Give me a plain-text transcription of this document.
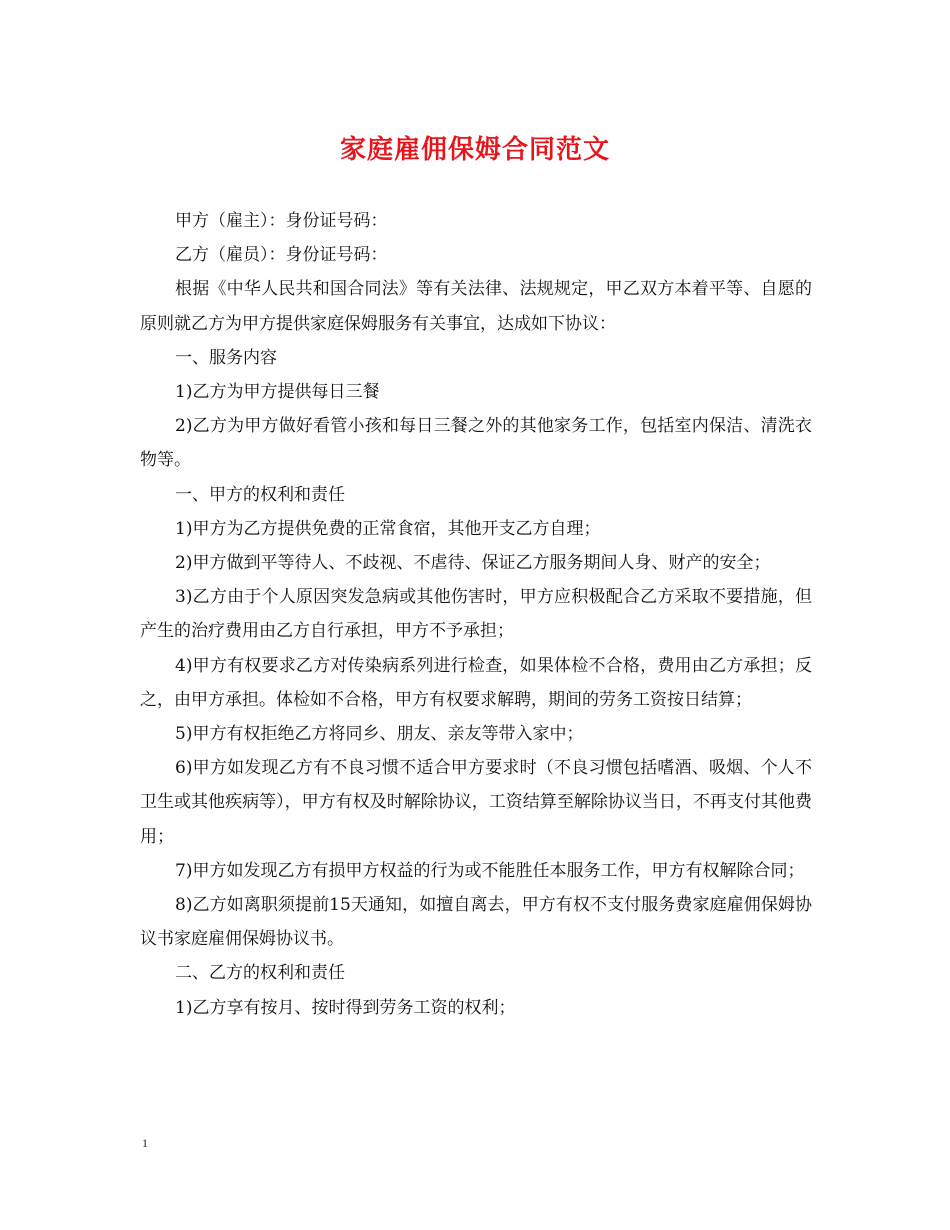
家庭雇佣保姆合同范文

甲方（雇主）：身份证号码：

乙方（雇员）：身份证号码：

根据《中华人民共和国合同法》等有关法律、法规规定，甲乙双方本着平等、自愿的原则就乙方为甲方提供家庭保姆服务有关事宜，达成如下协议：

一、服务内容

1)乙方为甲方提供每日三餐

2)乙方为甲方做好看管小孩和每日三餐之外的其他家务工作，包括室内保洁、清洗衣物等。

一、甲方的权利和责任

1)甲方为乙方提供免费的正常食宿，其他开支乙方自理；

2)甲方做到平等待人、不歧视、不虐待、保证乙方服务期间人身、财产的安全；

3)乙方由于个人原因突发急病或其他伤害时，甲方应积极配合乙方采取不要措施，但产生的治疗费用由乙方自行承担，甲方不予承担；

4)甲方有权要求乙方对传染病系列进行检查，如果体检不合格，费用由乙方承担；反之，由甲方承担。体检如不合格，甲方有权要求解聘，期间的劳务工资按日结算；

5)甲方有权拒绝乙方将同乡、朋友、亲友等带入家中；

6)甲方如发现乙方有不良习惯不适合甲方要求时（不良习惯包括嗜酒、吸烟、个人不卫生或其他疾病等），甲方有权及时解除协议，工资结算至解除协议当日，不再支付其他费用；

7)甲方如发现乙方有损甲方权益的行为或不能胜任本服务工作，甲方有权解除合同；

8)乙方如离职须提前15天通知，如擅自离去，甲方有权不支付服务费家庭雇佣保姆协议书家庭雇佣保姆协议书。

二、乙方的权利和责任

1)乙方享有按月、按时得到劳务工资的权利；

1
